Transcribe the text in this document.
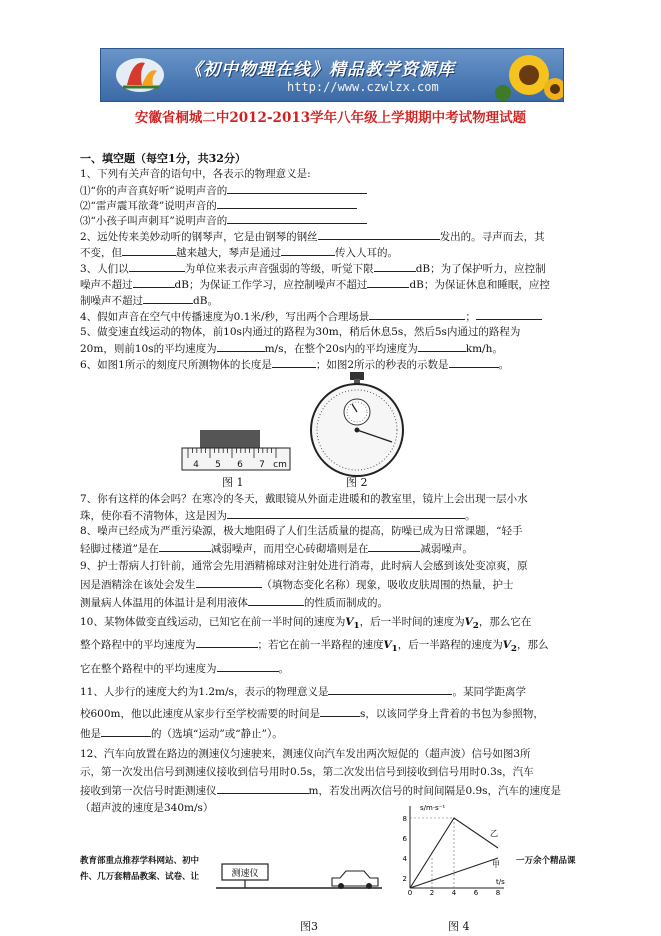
《初中物理在线》精品教学资源库
http://www.czwlzx.com
安徽省桐城二中2012-2013学年八年级上学期期中考试物理试题
一、填空题（每空1分，共32分）
1、下列有关声音的语句中，各表示的物理意义是:
⑴“你的声音真好听”说明声音的
⑵“雷声震耳欲聋”说明声音的
⑶“小孩子叫声刺耳”说明声音的
2、远处传来美妙动听的钢琴声，它是由钢琴的钢丝	发出的。寻声而去，其
不变，但	越来越大，琴声是通过	传入人耳的。
3、人们以	为单位来表示声音强弱的等级，听觉下限	dB；为了保护听力，应控制
噪声不超过	dB；为保证工作学习，应控制噪声不超过	dB；为保证休息和睡眠，应控
制噪声不超过	dB。
4、假如声音在空气中传播速度为0.1米/秒，写出两个合理场景	；
5、做变速直线运动的物体，前10s内通过的路程为30m，稍后休息5s，然后5s内通过的路程为
20m，则前10s的平均速度为	m/s，在整个20s内的平均速度为	km/h。
6、如图1所示的刻度尺所测物体的长度是	；如图2所示的秒表的示数是	。
4 5 6 7 cm
图 1	图 2
7、你有这样的体会吗？在寒冷的冬天，戴眼镜从外面走进暖和的教室里，镜片上会出现一层小水
珠，使你看不清物体，这是因为	。
8、噪声已经成为严重污染源，极大地阻碍了人们生活质量的提高，防噪已成为日常课题，“轻手
轻脚过楼道”是在	减弱噪声，而用空心砖砌墙则是在	减弱噪声。
9、护士帮病人打针前，通常会先用酒精棉球对注射处进行消毒，此时病人会感到该处变凉爽，原
因是酒精涂在该处会发生	（填物态变化名称）现象，吸收皮肤周围的热量，护士
测量病人体温用的体温计是利用液体	的性质而制成的。
10、某物体做变直线运动，已知它在前一半时间的速度为$V_1$，后一半时间的速度为$V_2$，那么它在
整个路程中的平均速度为	；若它在前一半路程的速度$V_1$，后一半路程的速度为$V_2$，那么
它在整个路程中的平均速度为	。
11、人步行的速度大约为1.2m/s，表示的物理意义是	。某同学距离学
校600m，他以此速度从家步行至学校需要的时间是	s，以该同学身上背着的书包为参照物，
他是	的（选填“运动”或“静止”）。
12、汽车向放置在路边的测速仪匀速驶来，测速仪向汽车发出两次短促的（超声波）信号如图3所
示，第一次发出信号到测速仪接收到信号用时0.5s，第二次发出信号到接收到信号用时0.3s，汽车
接收到第一次信号时距测速仪	m，若发出两次信号的时间间隔是0.9s，汽车的速度是
（超声波的速度是340m/s）
测速仪
s/m·s⁻¹
t/s
8
6
4
2
0	2	4	6	8
乙
甲
图3	图 4
教育部重点推荐学科网站、初中
件、几万套精品教案、试卷、让
一万余个精品课
